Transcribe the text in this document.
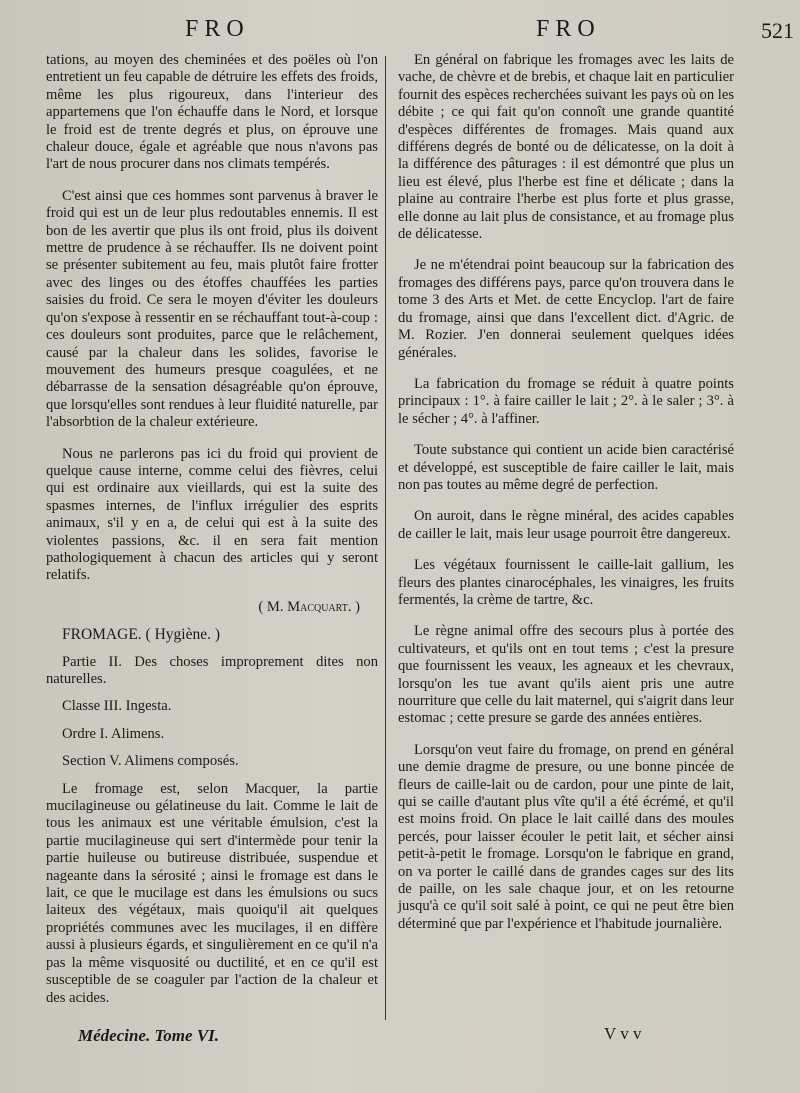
FRO	FRO	521

tations, au moyen des cheminées et des poëles où l'on entretient un feu capable de détruire les effets des froids, même les plus rigoureux, dans l'interieur des appartemens que l'on échauffe dans le Nord, et lorsque le froid est de trente degrés et plus, on éprouve une chaleur douce, égale et agréable que nous n'avons pas l'art de nous procurer dans nos climats tempérés.

C'est ainsi que ces hommes sont parvenus à braver le froid qui est un de leur plus redoutables ennemis. Il est bon de les avertir que plus ils ont froid, plus ils doivent mettre de prudence à se réchauffer. Ils ne doivent point se présenter subitement au feu, mais plutôt faire frotter avec des linges ou des étoffes chauffées les parties saisies du froid. Ce sera le moyen d'éviter les douleurs qu'on s'expose à ressentir en se réchauffant tout-à-coup : ces douleurs sont produites, parce que le relâchement, causé par la chaleur dans les solides, favorise le mouvement des humeurs presque coagulées, et ne débarrasse de la sensation désagréable qu'on éprouve, que lorsqu'elles sont rendues à leur fluidité naturelle, par l'absorbtion de la chaleur extérieure.

Nous ne parlerons pas ici du froid qui provient de quelque cause interne, comme celui des fièvres, celui qui est ordinaire aux vieillards, qui est la suite des spasmes internes, de l'influx irrégulier des esprits animaux, s'il y en a, de celui qui est à la suite des violentes passions, &c. il en sera fait mention pathologiquement à chacun des articles qui y seront relatifs.

( M. Macquart. )

FROMAGE. ( Hygiène. )

Partie II. Des choses improprement dites non naturelles.

Classe III. Ingesta.

Ordre I. Alimens.

Section V. Alimens composés.

Le fromage est, selon Macquer, la partie mucilagineuse ou gélatineuse du lait. Comme le lait de tous les animaux est une véritable émulsion, c'est la partie mucilagineuse qui sert d'intermède pour tenir la partie huileuse ou butireuse distribuée, suspendue et nageante dans la sérosité ; ainsi le fromage est dans le lait, ce que le mucilage est dans les émulsions ou sucs laiteux des végétaux, mais quoiqu'il ait quelques propriétés communes avec les mucilages, il en diffère aussi à plusieurs égards, et singulièrement en ce qu'il n'a pas la même visquosité ou ductilité, et en ce qu'il est susceptible de se coaguler par l'action de la chaleur et des acides.

En général on fabrique les fromages avec les laits de vache, de chèvre et de brebis, et chaque lait en particulier fournit des espèces recherchées suivant les pays où on les débite ; ce qui fait qu'on connoît une grande quantité d'espèces différentes de fromages. Mais quand aux différens degrés de bonté ou de délicatesse, on la doit à la différence des pâturages : il est démontré que plus un lieu est élevé, plus l'herbe est fine et délicate ; dans la plaine au contraire l'herbe est plus forte et plus grasse, elle donne au lait plus de consistance, et au fromage plus de délicatesse.

Je ne m'étendrai point beaucoup sur la fabrication des fromages des différens pays, parce qu'on trouvera dans le tome 3 des Arts et Met. de cette Encyclop. l'art de faire du fromage, ainsi que dans l'excellent dict. d'Agric. de M. Rozier. J'en donnerai seulement quelques idées générales.

La fabrication du fromage se réduit à quatre points principaux : 1°. à faire cailler le lait ; 2°. à le saler ; 3°. à le sécher ; 4°. à l'affiner.

Toute substance qui contient un acide bien caractérisé et développé, est susceptible de faire cailler le lait, mais non pas toutes au même degré de perfection.

On auroit, dans le règne minéral, des acides capables de cailler le lait, mais leur usage pourroit être dangereux.

Les végétaux fournissent le caille-lait gallium, les fleurs des plantes cinarocéphales, les vinaigres, les fruits fermentés, la crème de tartre, &c.

Le règne animal offre des secours plus à portée des cultivateurs, et qu'ils ont en tout tems ; c'est la presure que fournissent les veaux, les agneaux et les chevraux, lorsqu'on les tue avant qu'ils aient pris une autre nourriture que celle du lait maternel, qui s'aigrit dans leur estomac ; cette presure se garde des années entières.

Lorsqu'on veut faire du fromage, on prend en général une demie dragme de presure, ou une bonne pincée de fleurs de caille-lait ou de cardon, pour une pinte de lait, qui se caille d'autant plus vîte qu'il a été écrémé, et qu'il est moins froid. On place le lait caillé dans des moules percés, pour laisser écouler le petit lait, et sécher ainsi petit-à-petit le fromage. Lorsqu'on le fabrique en grand, on va porter le caillé dans de grandes cages sur des lits de paille, on les sale chaque jour, et on les retourne jusqu'à ce qu'il soit salé à point, ce qui ne peut être bien déterminé que par l'expérience et l'habitude journalière.

Médecine. Tome VI.	V v v
